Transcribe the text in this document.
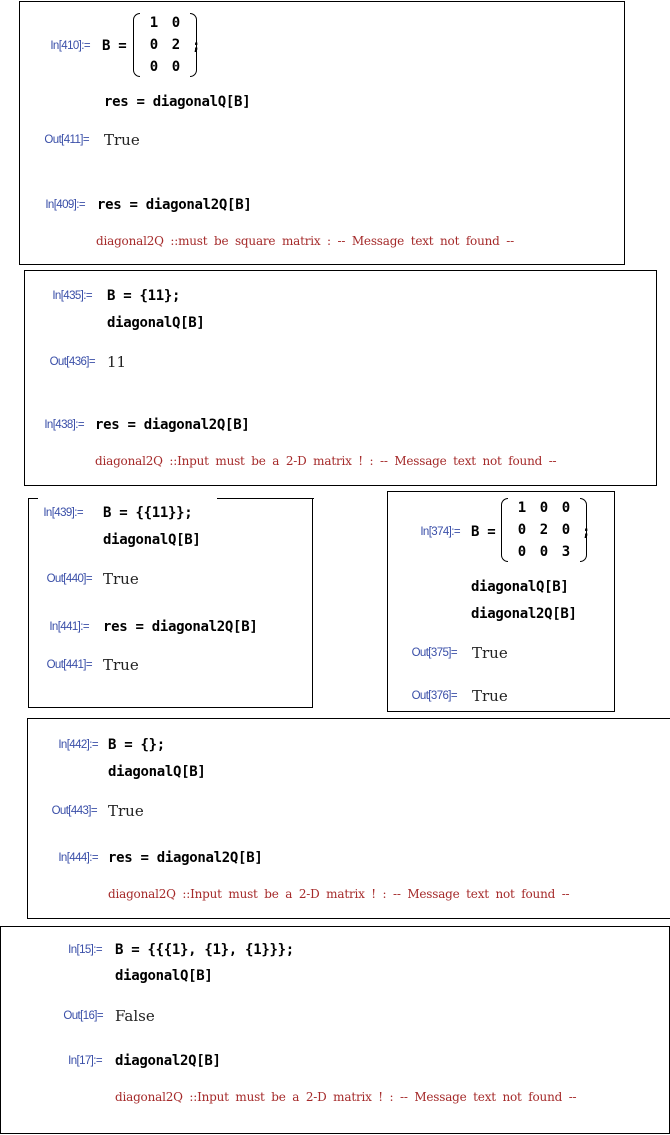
In[410]:= B =
1 0
0 2
0 0
;
res = diagonalQ[B]
Out[411]= True
In[409]:= res = diagonal2Q[B]
diagonal2Q ::must be square matrix : -- Message text not found --
In[435]:= B = {11};
diagonalQ[B]
Out[436]= 11
In[438]:= res = diagonal2Q[B]
diagonal2Q ::Input must be a 2-D matrix ! : -- Message text not found --
In[439]:= B = {{11}};
diagonalQ[B]
Out[440]= True
In[441]:= res = diagonal2Q[B]
Out[441]= True
In[374]:= B =
1 0 0
0 2 0
0 0 3
;
diagonalQ[B]
diagonal2Q[B]
Out[375]= True
Out[376]= True
In[442]:= B = {};
diagonalQ[B]
Out[443]= True
In[444]:= res = diagonal2Q[B]
diagonal2Q ::Input must be a 2-D matrix ! : -- Message text not found --
In[15]:= B = {{{1}, {1}, {1}}};
diagonalQ[B]
Out[16]= False
In[17]:= diagonal2Q[B]
diagonal2Q ::Input must be a 2-D matrix ! : -- Message text not found --
